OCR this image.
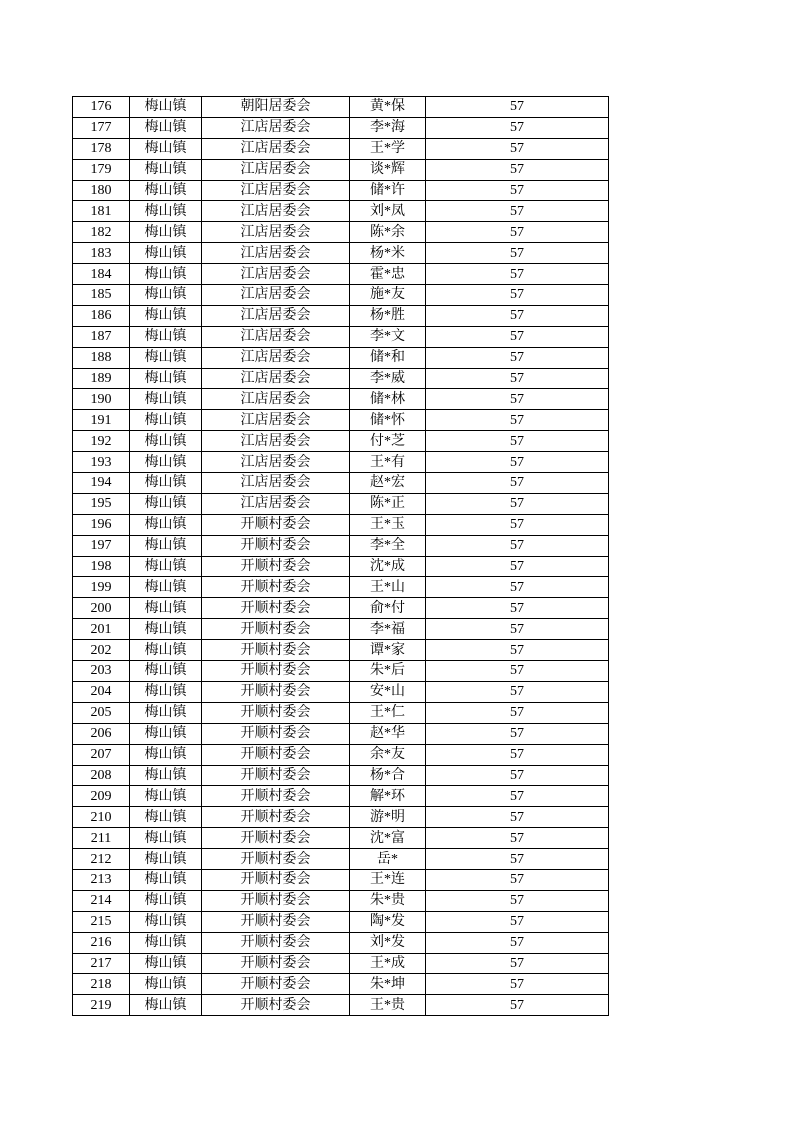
176	梅山镇	朝阳居委会	黄*保	57
177	梅山镇	江店居委会	李*海	57
178	梅山镇	江店居委会	王*学	57
179	梅山镇	江店居委会	谈*辉	57
180	梅山镇	江店居委会	储*许	57
181	梅山镇	江店居委会	刘*凤	57
182	梅山镇	江店居委会	陈*余	57
183	梅山镇	江店居委会	杨*米	57
184	梅山镇	江店居委会	霍*忠	57
185	梅山镇	江店居委会	施*友	57
186	梅山镇	江店居委会	杨*胜	57
187	梅山镇	江店居委会	李*文	57
188	梅山镇	江店居委会	储*和	57
189	梅山镇	江店居委会	李*威	57
190	梅山镇	江店居委会	储*林	57
191	梅山镇	江店居委会	储*怀	57
192	梅山镇	江店居委会	付*芝	57
193	梅山镇	江店居委会	王*有	57
194	梅山镇	江店居委会	赵*宏	57
195	梅山镇	江店居委会	陈*正	57
196	梅山镇	开顺村委会	王*玉	57
197	梅山镇	开顺村委会	李*全	57
198	梅山镇	开顺村委会	沈*成	57
199	梅山镇	开顺村委会	王*山	57
200	梅山镇	开顺村委会	俞*付	57
201	梅山镇	开顺村委会	李*福	57
202	梅山镇	开顺村委会	谭*家	57
203	梅山镇	开顺村委会	朱*后	57
204	梅山镇	开顺村委会	安*山	57
205	梅山镇	开顺村委会	王*仁	57
206	梅山镇	开顺村委会	赵*华	57
207	梅山镇	开顺村委会	余*友	57
208	梅山镇	开顺村委会	杨*合	57
209	梅山镇	开顺村委会	解*环	57
210	梅山镇	开顺村委会	游*明	57
211	梅山镇	开顺村委会	沈*富	57
212	梅山镇	开顺村委会	岳*	57
213	梅山镇	开顺村委会	王*连	57
214	梅山镇	开顺村委会	朱*贵	57
215	梅山镇	开顺村委会	陶*发	57
216	梅山镇	开顺村委会	刘*发	57
217	梅山镇	开顺村委会	王*成	57
218	梅山镇	开顺村委会	朱*坤	57
219	梅山镇	开顺村委会	王*贵	57
